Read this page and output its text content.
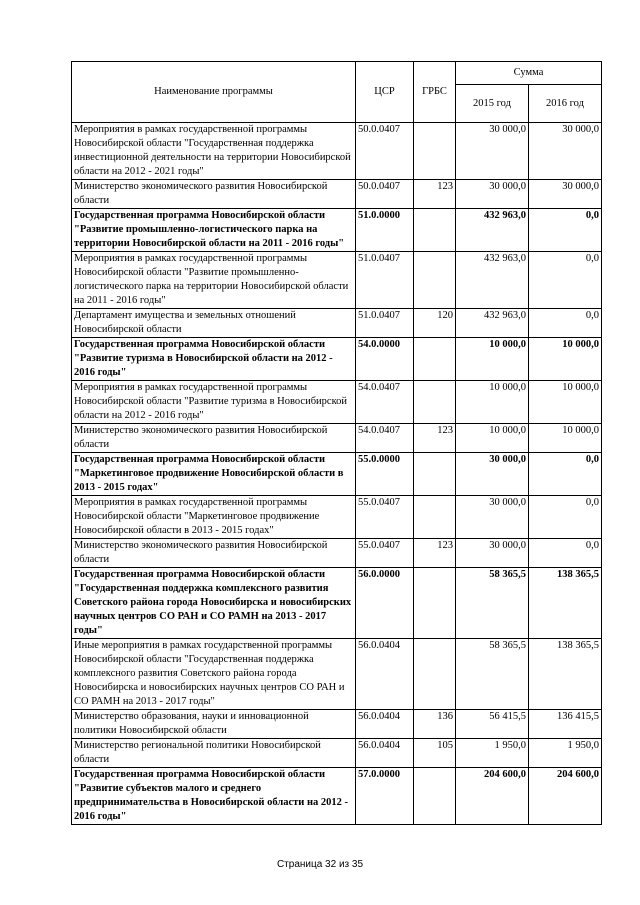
Наименование программы	ЦСР	ГРБС	Сумма	
			2015 год	2016 год
Мероприятия в рамках государственной программы Новосибирской области "Государственная поддержка инвестиционной деятельности на территории Новосибирской области на 2012 - 2021 годы"	50.0.0407		30 000,0	30 000,0
Министерство экономического развития Новосибирской области	50.0.0407	123	30 000,0	30 000,0
Государственная программа Новосибирской области "Развитие промышленно-логистического парка на территории Новосибирской области на 2011 - 2016 годы"	51.0.0000		432 963,0	0,0
Мероприятия в рамках государственной программы Новосибирской области "Развитие промышленно-логистического парка на территории Новосибирской области на 2011 - 2016 годы"	51.0.0407		432 963,0	0,0
Департамент имущества и земельных отношений Новосибирской области	51.0.0407	120	432 963,0	0,0
Государственная программа Новосибирской области "Развитие туризма в Новосибирской области на 2012 - 2016 годы"	54.0.0000		10 000,0	10 000,0
Мероприятия в рамках государственной программы Новосибирской области "Развитие туризма в Новосибирской области на 2012 - 2016 годы"	54.0.0407		10 000,0	10 000,0
Министерство экономического развития Новосибирской области	54.0.0407	123	10 000,0	10 000,0
Государственная программа Новосибирской области "Маркетинговое продвижение Новосибирской области в 2013 - 2015 годах"	55.0.0000		30 000,0	0,0
Мероприятия в рамках государственной программы Новосибирской области "Маркетинговое продвижение Новосибирской области в 2013 - 2015 годах"	55.0.0407		30 000,0	0,0
Министерство экономического развития Новосибирской области	55.0.0407	123	30 000,0	0,0
Государственная программа Новосибирской области "Государственная поддержка комплексного развития Советского района города Новосибирска и новосибирских научных центров СО РАН и СО РАМН на 2013 - 2017 годы"	56.0.0000		58 365,5	138 365,5
Иные мероприятия в рамках государственной программы Новосибирской области "Государственная поддержка комплексного развития Советского района города Новосибирска и новосибирских научных центров СО РАН и СО РАМН на 2013 - 2017 годы"	56.0.0404		58 365,5	138 365,5
Министерство образования, науки и инновационной политики Новосибирской области	56.0.0404	136	56 415,5	136 415,5
Министерство региональной политики Новосибирской области	56.0.0404	105	1 950,0	1 950,0
Государственная программа Новосибирской области "Развитие субъектов малого и среднего предпринимательства в Новосибирской области на 2012 - 2016 годы"	57.0.0000		204 600,0	204 600,0
Страница 32 из 35
